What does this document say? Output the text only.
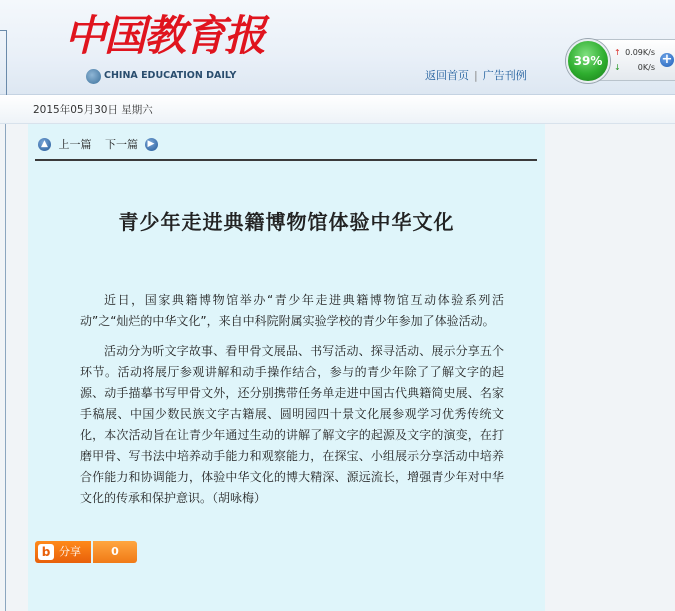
中国教育报
CHINA EDUCATION DAILY	返回首页 | 广告刊例
39%
↑ 0.09K/s
↓ 0K/s
+
2015年05月30日 星期六
▲ 上一篇 下一篇 ▶
青少年走进典籍博物馆体验中华文化

近日，国家典籍博物馆举办“青少年走进典籍博物馆互动体验系列活动”之“灿烂的中华文化”，来自中科院附属实验学校的青少年参加了体验活动。

活动分为听文字故事、看甲骨文展品、书写活动、探寻活动、展示分享五个环节。活动将展厅参观讲解和动手操作结合，参与的青少年除了了解文字的起源、动手描摹书写甲骨文外，还分别携带任务单走进中国古代典籍简史展、名家手稿展、中国少数民族文字古籍展、圆明园四十景文化展参观学习优秀传统文化，本次活动旨在让青少年通过生动的讲解了解文字的起源及文字的演变，在打磨甲骨、写书法中培养动手能力和观察能力，在探宝、小组展示分享活动中培养合作能力和协调能力，体验中华文化的博大精深、源远流长，增强青少年对中华文化的传承和保护意识。（胡咏梅）

b 分享	0
